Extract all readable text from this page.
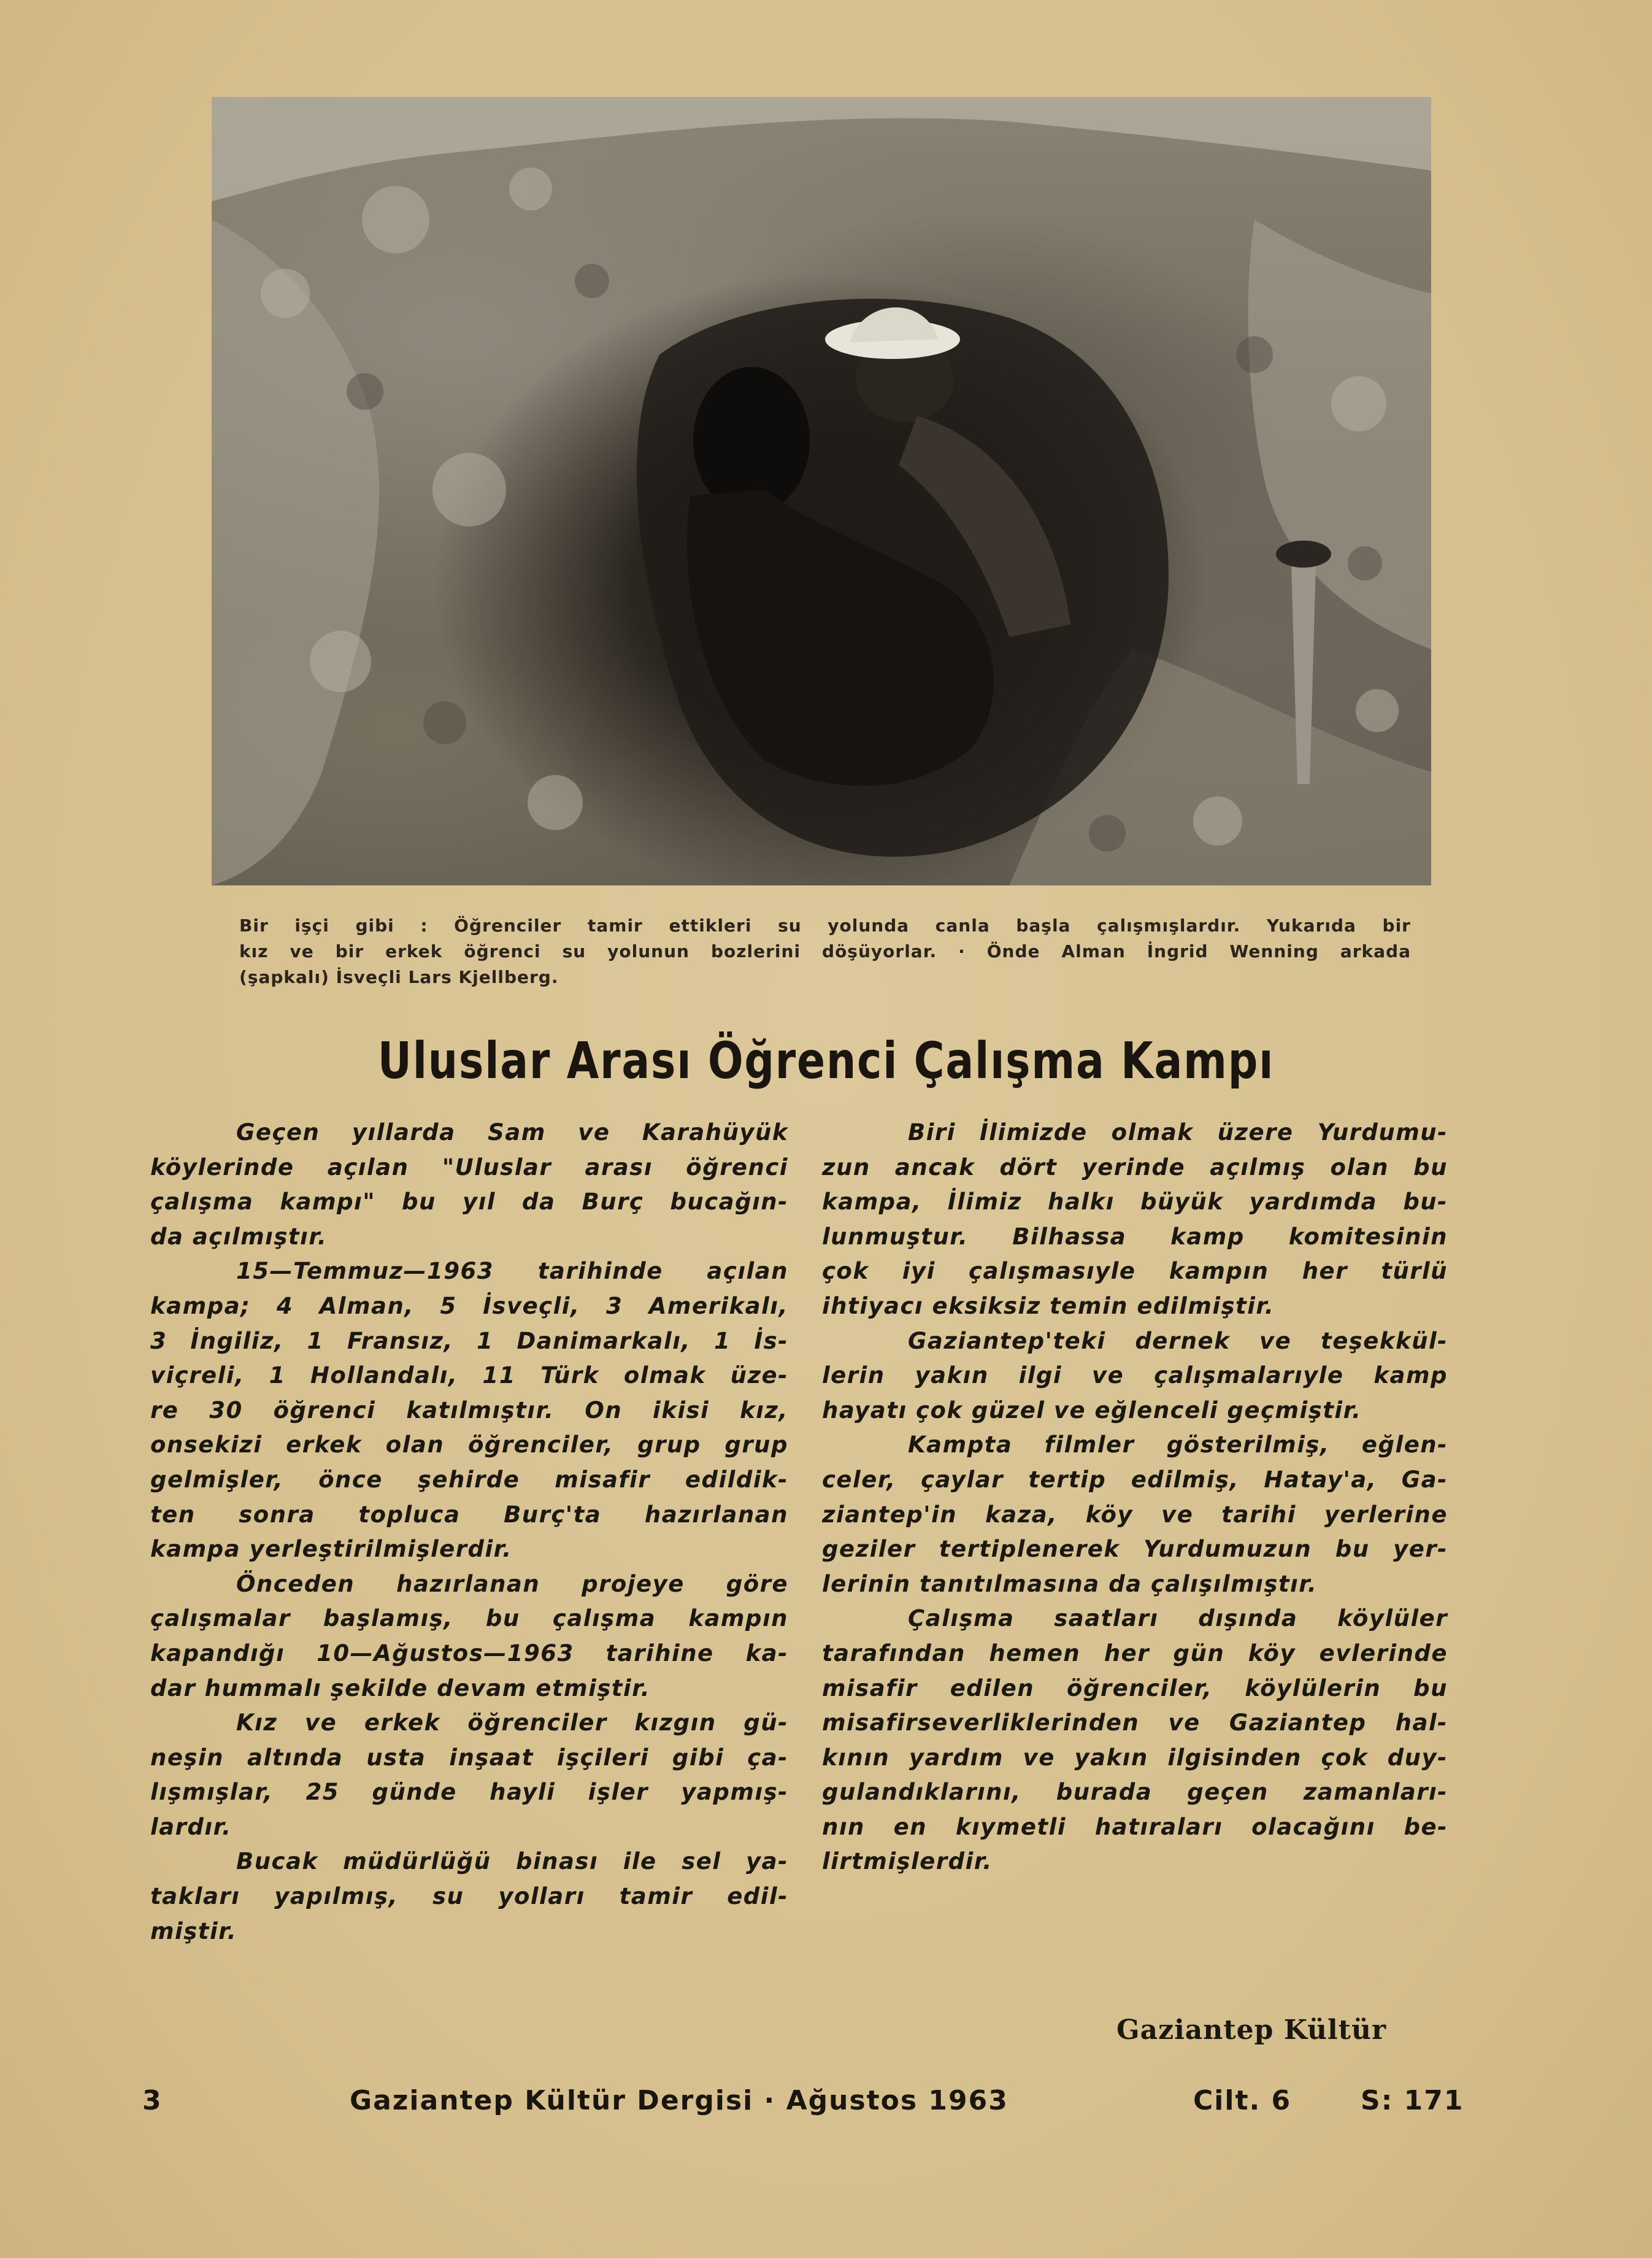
Bir işçi gibi : Öğrenciler tamir ettikleri su yolunda canla başla çalışmışlardır. Yukarıda bir

kız ve bir erkek öğrenci su yolunun bozlerini döşüyorlar. · Önde Alman İngrid Wenning arkada

(şapkalı) İsveçli Lars Kjellberg.

Uluslar Arası Öğrenci Çalışma Kampı

Geçen yıllarda Sam ve Karahüyük

köylerinde açılan "Uluslar arası öğrenci

çalışma kampı" bu yıl da Burç bucağın-

da açılmıştır.

15—Temmuz—1963 tarihinde açılan

kampa; 4 Alman, 5 İsveçli, 3 Amerikalı,

3 İngiliz, 1 Fransız, 1 Danimarkalı, 1 İs-

viçreli, 1 Hollandalı, 11 Türk olmak üze-

re 30 öğrenci katılmıştır. On ikisi kız,

onsekizi erkek olan öğrenciler, grup grup

gelmişler, önce şehirde misafir edildik-

ten sonra topluca Burç'ta hazırlanan

kampa yerleştirilmişlerdir.

Önceden hazırlanan projeye göre

çalışmalar başlamış, bu çalışma kampın

kapandığı 10—Ağustos—1963 tarihine ka-

dar hummalı şekilde devam etmiştir.

Kız ve erkek öğrenciler kızgın gü-

neşin altında usta inşaat işçileri gibi ça-

lışmışlar, 25 günde hayli işler yapmış-

lardır.

Bucak müdürlüğü binası ile sel ya-

takları yapılmış, su yolları tamir edil-

miştir.

Biri İlimizde olmak üzere Yurdumu-

zun ancak dört yerinde açılmış olan bu

kampa, İlimiz halkı büyük yardımda bu-

lunmuştur. Bilhassa kamp komitesinin

çok iyi çalışmasıyle kampın her türlü

ihtiyacı eksiksiz temin edilmiştir.

Gaziantep'teki dernek ve teşekkül-

lerin yakın ilgi ve çalışmalarıyle kamp

hayatı çok güzel ve eğlenceli geçmiştir.

Kampta filmler gösterilmiş, eğlen-

celer, çaylar tertip edilmiş, Hatay'a, Ga-

ziantep'in kaza, köy ve tarihi yerlerine

geziler tertiplenerek Yurdumuzun bu yer-

lerinin tanıtılmasına da çalışılmıştır.

Çalışma saatları dışında köylüler

tarafından hemen her gün köy evlerinde

misafir edilen öğrenciler, köylülerin bu

misafirseverliklerinden ve Gaziantep hal-

kının yardım ve yakın ilgisinden çok duy-

gulandıklarını, burada geçen zamanları-

nın en kıymetli hatıraları olacağını be-

lirtmişlerdir.

Gaziantep Kültür
3	Gaziantep Kültür Dergisi · Ağustos 1963	Cilt. 6	S: 171
